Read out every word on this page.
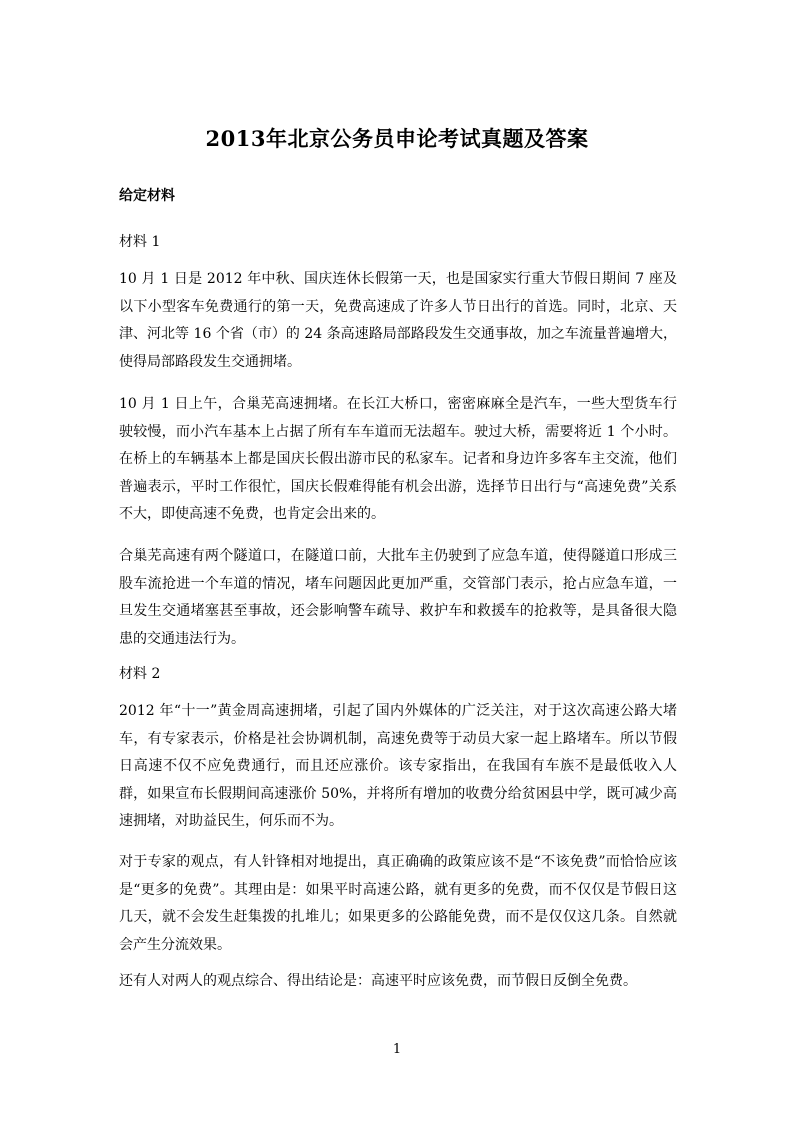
2013年北京公务员申论考试真题及答案
给定材料
材料 1
10 月 1 日是 2012 年中秋、国庆连休长假第一天，也是国家实行重大节假日期间 7 座及以下小型客车免费通行的第一天，免费高速成了许多人节日出行的首选。同时，北京、天津、河北等 16 个省（市）的 24 条高速路局部路段发生交通事故，加之车流量普遍增大，使得局部路段发生交通拥堵。
10 月 1 日上午，合巢芜高速拥堵。在长江大桥口，密密麻麻全是汽车，一些大型货车行驶较慢，而小汽车基本上占据了所有车车道而无法超车。驶过大桥，需要将近 1 个小时。在桥上的车辆基本上都是国庆长假出游市民的私家车。记者和身边许多客车主交流，他们普遍表示，平时工作很忙，国庆长假难得能有机会出游，选择节日出行与“高速免费”关系不大，即使高速不免费，也肯定会出来的。
合巢芜高速有两个隧道口，在隧道口前，大批车主仍驶到了应急车道，使得隧道口形成三股车流抢进一个车道的情况，堵车问题因此更加严重，交管部门表示，抢占应急车道，一旦发生交通堵塞甚至事故，还会影响警车疏导、救护车和救援车的抢救等，是具备很大隐患的交通违法行为。
材料 2
2012 年“十一”黄金周高速拥堵，引起了国内外媒体的广泛关注，对于这次高速公路大堵车，有专家表示，价格是社会协调机制，高速免费等于动员大家一起上路堵车。所以节假日高速不仅不应免费通行，而且还应涨价。该专家指出，在我国有车族不是最低收入人群，如果宣布长假期间高速涨价 50%，并将所有增加的收费分给贫困县中学，既可减少高速拥堵，对助益民生，何乐而不为。
对于专家的观点，有人针锋相对地提出，真正确确的政策应该不是“不该免费”而恰恰应该是“更多的免费”。其理由是：如果平时高速公路，就有更多的免费，而不仅仅是节假日这几天，就不会发生赶集拨的扎堆儿；如果更多的公路能免费，而不是仅仅这几条。自然就会产生分流效果。
还有人对两人的观点综合、得出结论是：高速平时应该免费，而节假日反倒全免费。
1
